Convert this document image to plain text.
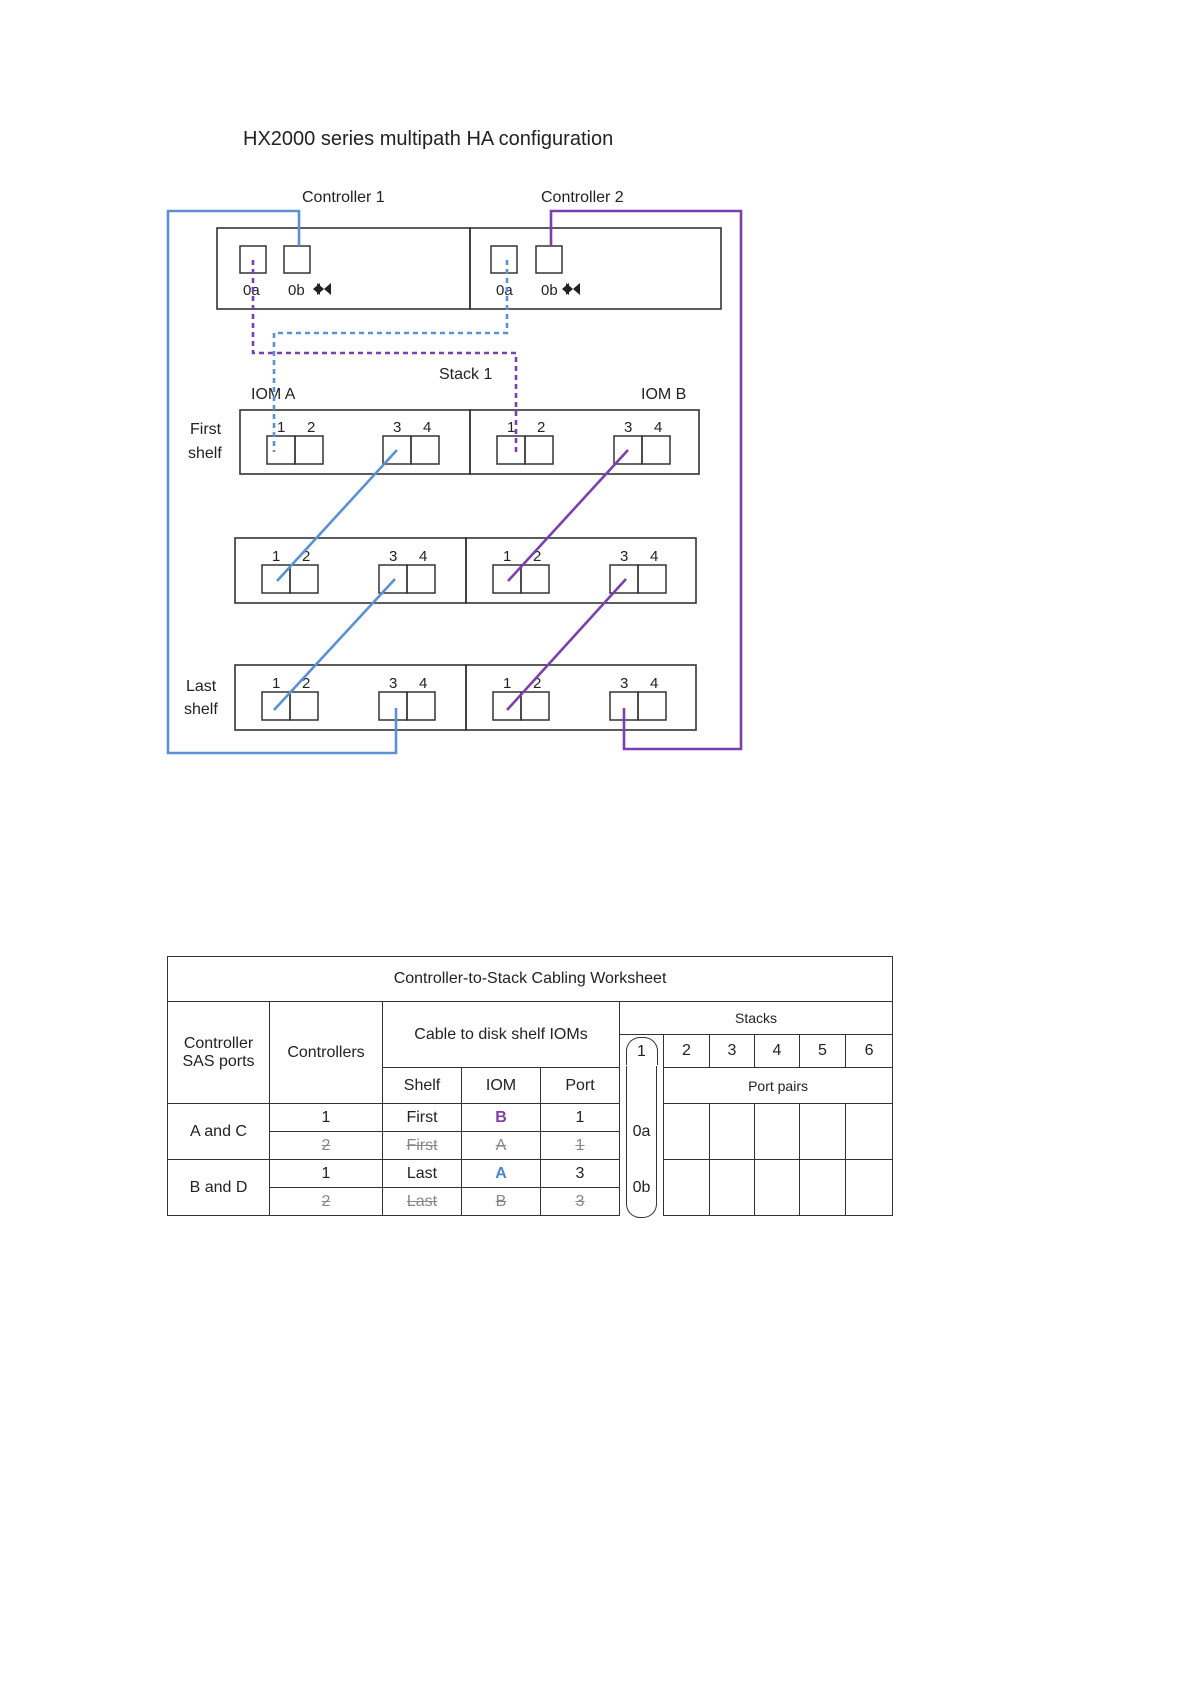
HX2000 series multipath HA configuration
Controller 1	Controller 2
0a 0b	0a 0b
Stack 1
IOM A	IOM B
First
shelf
Last
shelf
1 2	3 4	1 2	3 4
1 2	3 4	1 2	3 4
1 2	3 4	1 2	3 4
Controller-to-Stack Cabling Worksheet										
Controller SAS ports	Controllers	Cable to disk shelf IOMs			Stacks					
					1	2	3	4	5	6
		Shelf	IOM	Port		Port pairs				
A and C	1	First	B	1	0a					
	2	First	A	1						
B and D	1	Last	A	3	0b					
	2	Last	B	3						
